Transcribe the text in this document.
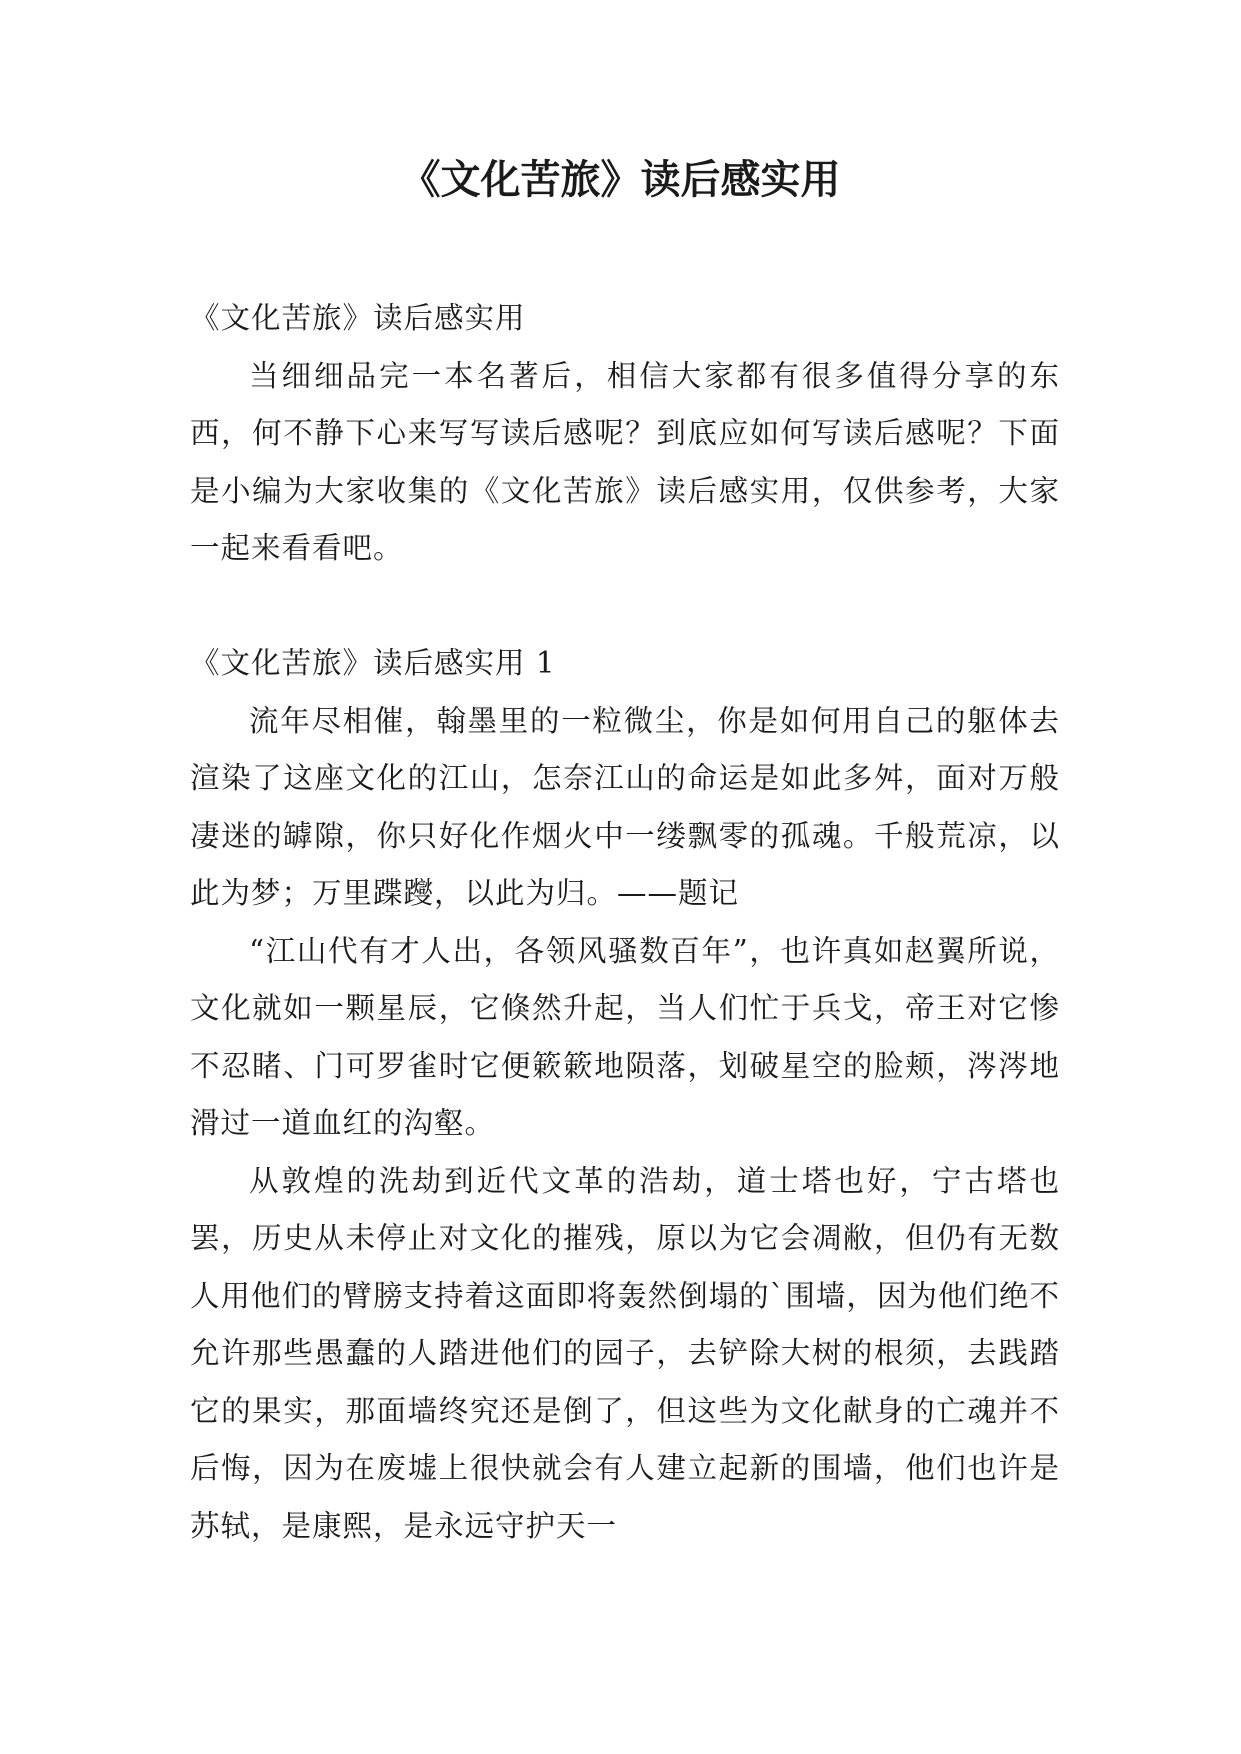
《文化苦旅》读后感实用

《文化苦旅》读后感实用

当细细品完一本名著后，相信大家都有很多值得分享的东西，何不静下心来写写读后感呢？到底应如何写读后感呢？下面是小编为大家收集的《文化苦旅》读后感实用，仅供参考，大家一起来看看吧。

《文化苦旅》读后感实用 1

流年尽相催，翰墨里的一粒微尘，你是如何用自己的躯体去渲染了这座文化的江山，怎奈江山的命运是如此多舛，面对万般凄迷的罅隙，你只好化作烟火中一缕飘零的孤魂。千般荒凉，以此为梦；万里蹀躞，以此为归。——题记

“江山代有才人出，各领风骚数百年”，也许真如赵翼所说，文化就如一颗星辰，它倏然升起，当人们忙于兵戈，帝王对它惨不忍睹、门可罗雀时它便簌簌地陨落，划破星空的脸颊，涔涔地滑过一道血红的沟壑。

从敦煌的洗劫到近代文革的浩劫，道士塔也好，宁古塔也罢，历史从未停止对文化的摧残，原以为它会凋敝，但仍有无数人用他们的臂膀支持着这面即将轰然倒塌的`围墙，因为他们绝不允许那些愚蠢的人踏进他们的园子，去铲除大树的根须，去践踏它的果实，那面墙终究还是倒了，但这些为文化献身的亡魂并不后悔，因为在废墟上很快就会有人建立起新的围墙，他们也许是苏轼，是康熙，是永远守护天一
